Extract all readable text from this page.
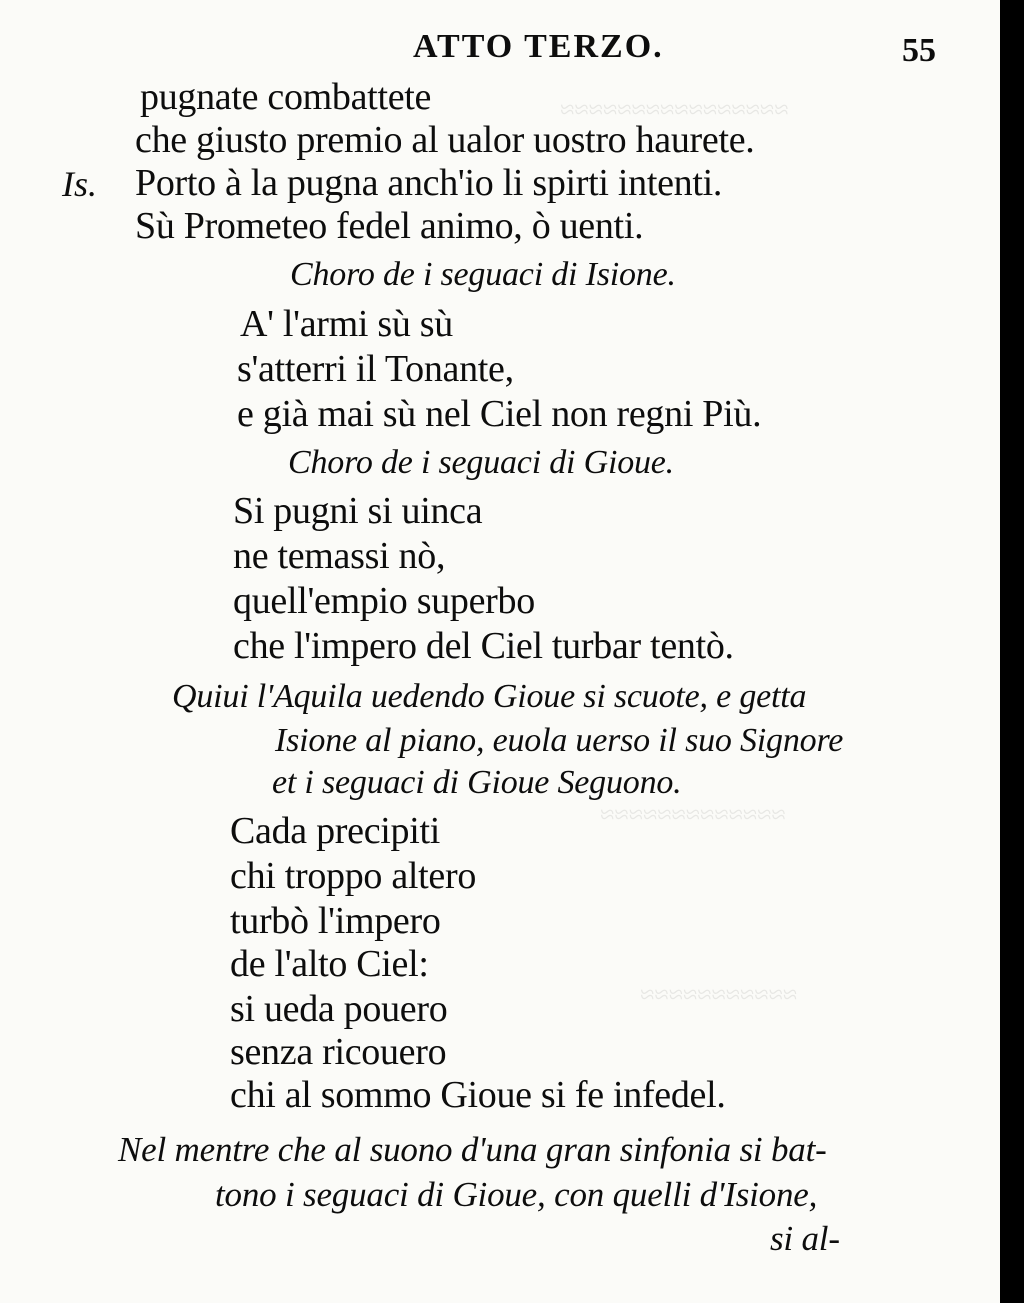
≈≈≈≈≈≈≈≈≈≈≈≈≈≈≈≈
≈≈≈≈≈≈≈≈≈≈≈≈≈
≈≈≈≈≈≈≈≈≈≈≈
ATTO TERZO.	55
pugnate combattete
che giusto premio al ualor uostro haurete.
Is. Porto à la pugna anch'io li spirti intenti.
Sù Prometeo fedel animo, ò uenti.
Choro de i seguaci di Isione.
A' l'armi sù sù
s'atterri il Tonante,
e già mai sù nel Ciel non regni Più.
Choro de i seguaci di Gioue.
Si pugni si uinca
ne temassi nò,
quell'empio superbo
che l'impero del Ciel turbar tentò.
Quiui l'Aquila uedendo Gioue si scuote, e getta
Isione al piano, euola uerso il suo Signore
et i seguaci di Gioue Seguono.
Cada precipiti
chi troppo altero
turbò l'impero
de l'alto Ciel:
si ueda pouero
senza ricouero
chi al sommo Gioue si fe infedel.
Nel mentre che al suono d'una gran sinfonia si bat-
tono i seguaci di Gioue, con quelli d'Isione,
si al-
